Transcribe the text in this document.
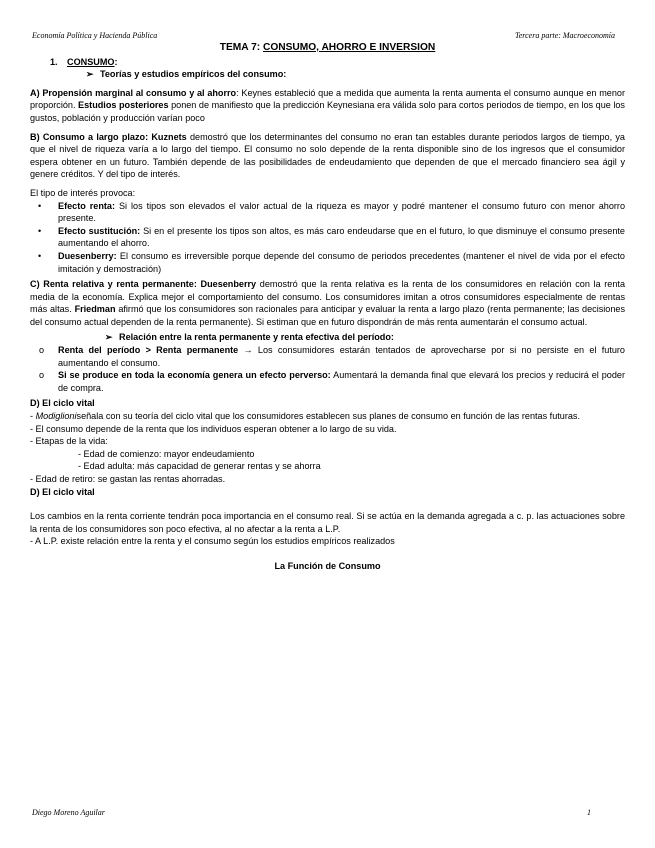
Economía Política y Hacienda Pública	Tercera parte: Macroeconomía
TEMA 7: CONSUMO, AHORRO E INVERSION
1. CONSUMO:
➢ Teorías y estudios empíricos del consumo:

A) Propensión marginal al consumo y al ahorro: Keynes estableció que a medida que aumenta la renta aumenta el consumo aunque en menor proporción. Estudios posteriores ponen de manifiesto que la predicción Keynesiana era válida solo para cortos periodos de tiempo, en los que los gustos, población y producción varían poco

B) Consumo a largo plazo: Kuznets demostró que los determinantes del consumo no eran tan estables durante periodos largos de tiempo, ya que el nivel de riqueza varía a lo largo del tiempo. El consumo no solo depende de la renta disponible sino de los ingresos que el consumidor espera obtener en un futuro. También depende de las posibilidades de endeudamiento que dependen de que el mercado financiero sea ágil y genere créditos. Y del tipo de interés.

El tipo de interés provoca:

• Efecto renta: Si los tipos son elevados el valor actual de la riqueza es mayor y podré mantener el consumo futuro con menor ahorro presente.
• Efecto sustitución: Si en el presente los tipos son altos, es más caro endeudarse que en el futuro, lo que disminuye el consumo presente aumentando el ahorro.
• Duesenberry: El consumo es irreversible porque depende del consumo de periodos precedentes (mantener el nivel de vida por el efecto imitación y demostración)

C) Renta relativa y renta permanente: Duesenberry demostró que la renta relativa es la renta de los consumidores en relación con la renta media de la economía. Explica mejor el comportamiento del consumo. Los consumidores imitan a otros consumidores especialmente de rentas más altas. Friedman afirmó que los consumidores son racionales para anticipar y evaluar la renta a largo plazo (renta permanente; las decisiones del consumo actual dependen de la renta permanente). Si estiman que en futuro dispondrán de más renta aumentarán el consumo actual.

➢ Relación entre la renta permanente y renta efectiva del período:
o Renta del período > Renta permanente → Los consumidores estarán tentados de aprovecharse por si no persiste en el futuro aumentando el consumo.
o Si se produce en toda la economía genera un efecto perverso: Aumentará la demanda final que elevará los precios y reducirá el poder de compra.

D) El ciclo vital

- Modiglioniseñala con su teoría del ciclo vital que los consumidores establecen sus planes de consumo en función de las rentas futuras.

- El consumo depende de la renta que los individuos esperan obtener a lo largo de su vida.

- Etapas de la vida:

- Edad de comienzo: mayor endeudamiento

- Edad adulta: más capacidad de generar rentas y se ahorra

- Edad de retiro: se gastan las rentas ahorradas.

D) El ciclo vital

Los cambios en la renta corriente tendrán poca importancia en el consumo real. Si se actúa en la demanda agregada a c. p. las actuaciones sobre la renta de los consumidores son poco efectiva, al no afectar a la renta a L.P.

- A L.P. existe relación entre la renta y el consumo según los estudios empíricos realizados

La Función de Consumo
Diego Moreno Aguilar	1
